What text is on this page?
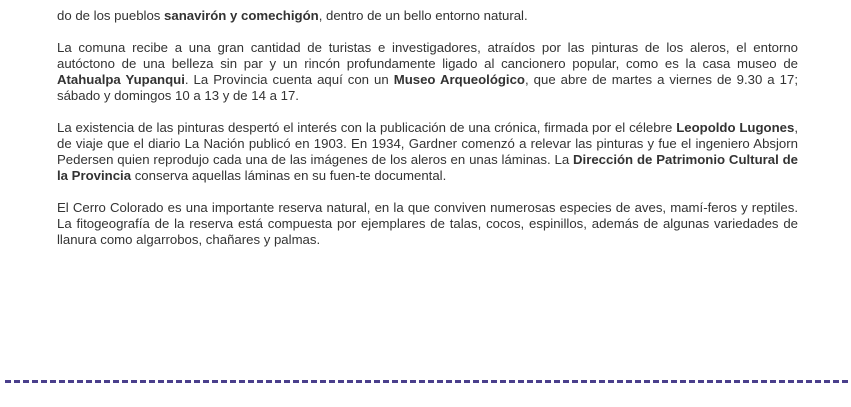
do de los pueblos sanavirón y comechigón, dentro de un bello entorno natural.

La comuna recibe a una gran cantidad de turistas e investigadores, atraídos por las pinturas de los aleros, el entorno autóctono de una belleza sin par y un rincón profundamente ligado al cancionero popular, como es la casa museo de Atahualpa Yupanqui. La Provincia cuenta aquí con un Museo Arqueológico, que abre de martes a viernes de 9.30 a 17; sábado y domingos 10 a 13 y de 14 a 17.

La existencia de las pinturas despertó el interés con la publicación de una crónica, firmada por el célebre Leopoldo Lugones, de viaje que el diario La Nación publicó en 1903. En 1934, Gardner comenzó a relevar las pinturas y fue el ingeniero Absjorn Pedersen quien reprodujo cada una de las imágenes de los aleros en unas láminas. La Dirección de Patrimonio Cultural de la Provincia conserva aquellas láminas en su fuen-te documental.

El Cerro Colorado es una importante reserva natural, en la que conviven numerosas especies de aves, mamí-feros y reptiles. La fitogeografía de la reserva está compuesta por ejemplares de talas, cocos, espinillos, además de algunas variedades de llanura como algarrobos, chañares y palmas.
